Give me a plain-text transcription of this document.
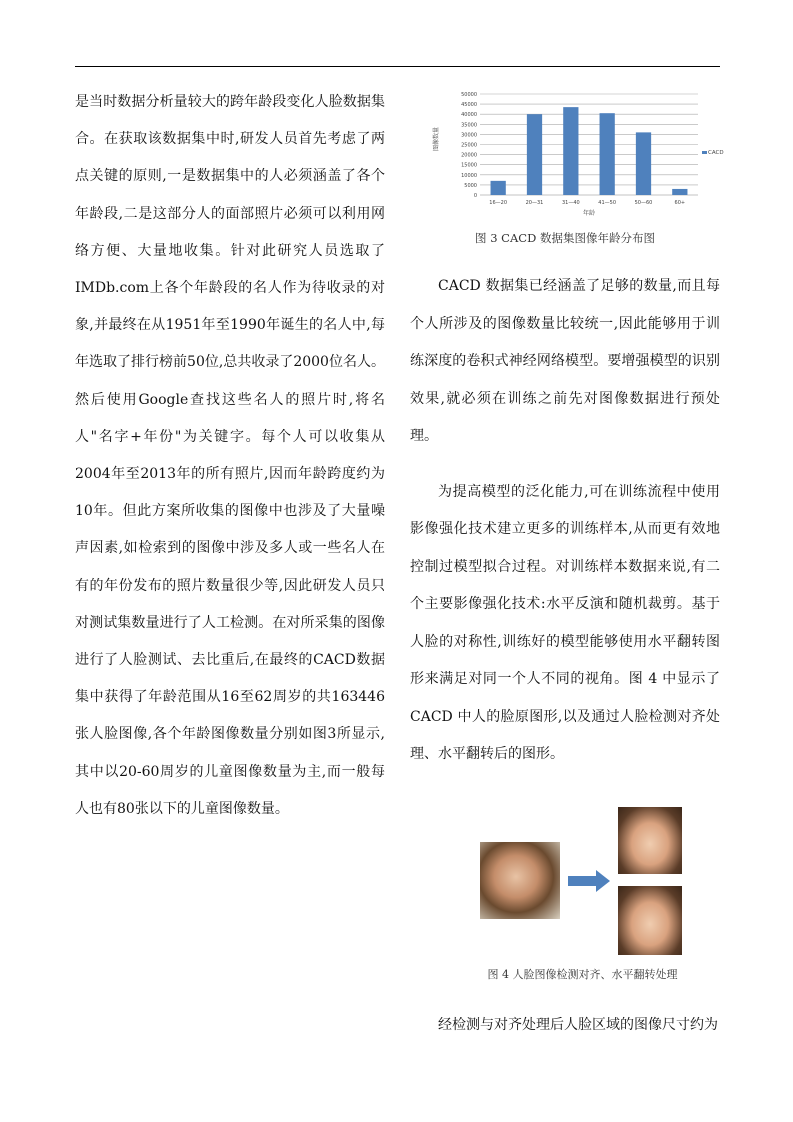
是当时数据分析量较大的跨年龄段变化人脸数据集合。在获取该数据集中时,研发人员首先考虑了两点关键的原则,一是数据集中的人必须涵盖了各个年龄段,二是这部分人的面部照片必须可以利用网络方便、大量地收集。针对此研究人员选取了IMDb.com上各个年龄段的名人作为待收录的对象,并最终在从1951年至1990年诞生的名人中,每年选取了排行榜前50位,总共收录了2000位名人。然后使用Google查找这些名人的照片时,将名人"名字+年份"为关键字。每个人可以收集从2004年至2013年的所有照片,因而年龄跨度约为10年。但此方案所收集的图像中也涉及了大量噪声因素,如检索到的图像中涉及多人或一些名人在有的年份发布的照片数量很少等,因此研发人员只对测试集数量进行了人工检测。在对所采集的图像进行了人脸测试、去比重后,在最终的CACD数据集中获得了年龄范围从16至62周岁的共163446张人脸图像,各个年龄图像数量分别如图3所显示,其中以20-60周岁的儿童图像数量为主,而一般每人也有80张以下的儿童图像数量。

0
5000
10000
15000
20000
25000
30000
35000
40000
45000
50000
16—20	20—31	31—40	41—50	50—60	60+
图像数量
年龄
CACD
图 3 CACD 数据集图像年龄分布图

CACD 数据集已经涵盖了足够的数量,而且每个人所涉及的图像数量比较统一,因此能够用于训练深度的卷积式神经网络模型。要增强模型的识别效果,就必须在训练之前先对图像数据进行预处理。

为提高模型的泛化能力,可在训练流程中使用影像强化技术建立更多的训练样本,从而更有效地控制过模型拟合过程。对训练样本数据来说,有二个主要影像强化技术:水平反演和随机裁剪。基于人脸的对称性,训练好的模型能够使用水平翻转图形来满足对同一个人不同的视角。图 4 中显示了 CACD 中人的脸原图形,以及通过人脸检测对齐处理、水平翻转后的图形。

图 4 人脸图像检测对齐、水平翻转处理
经检测与对齐处理后人脸区域的图像尺寸约为
